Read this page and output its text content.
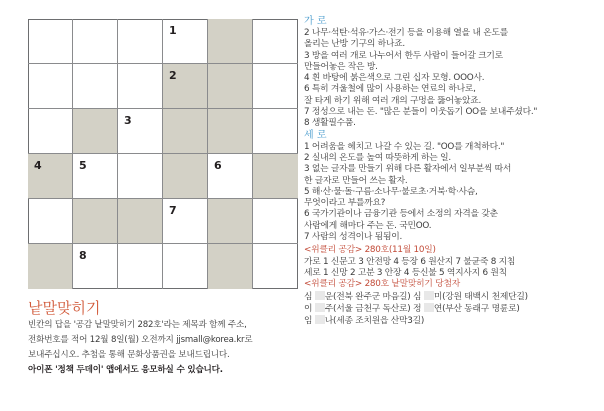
1
2
3
4	5	6
7
8
낱말맞히기
빈칸의 답을 '공감 낱말맞히기 282호'라는 제목과 함께 주소,
전화번호를 적어 12월 8일(월) 오전까지 jjsmall@korea.kr로
보내주십시오. 추첨을 통해 문화상품권을 보내드립니다.
아이폰 '정책 두데이' 앱에서도 응모하실 수 있습니다.
가 로
2 나무·석탄·석유·가스·전기 등을 이용해 열을 내 온도를
올리는 난방 기구의 하나죠.
3 방을 여러 개로 나누어서 한두 사람이 들어갈 크기로
만들어놓은 작은 방.
4 흰 바탕에 붉은색으로 그린 십자 모형. OOO사.
6 특히 겨울철에 많이 사용하는 연료의 하나로,
잘 타게 하기 위해 여러 개의 구멍을 뚫어놓았죠.
7 정성으로 내는 돈. "많은 분들이 이웃돕기 OO을 보내주셨다."
8 생활필수품.
세 로
1 어려움을 헤치고 나갈 수 있는 길. "OO를 개척하다."
2 실내의 온도를 높여 따뜻하게 하는 일.
3 없는 글자를 만들기 위해 다른 활자에서 일부분씩 따서
한 글자로 만들어 쓰는 활자.
5 해·산·물·돌·구름·소나무·불로초·거북·학·사슴,
무엇이라고 부를까요?
6 국가기관이나 금융기관 등에서 소정의 자격을 갖춘
사람에게 해마다 주는 돈. 국민OO.
7 사람의 성격이나 됨됨이.
<위클리 공감> 280호(11월 10일)
가로 1 신문고 3 안전망 4 등장 6 원산지 7 불균죽 8 지침
세로 1 신망 2 고분 3 안장 4 등신불 5 역지사지 6 원칙
<위클리 공감> 280호 낱말맞히기 당첨자
심 운(전북 완주군 마음길) 심 미(강원 태백시 천제단길)
이 주(서울 금천구 독산로) 정 연(부산 동래구 명륜로)
임 나(세종 조치원읍 산막3길)
